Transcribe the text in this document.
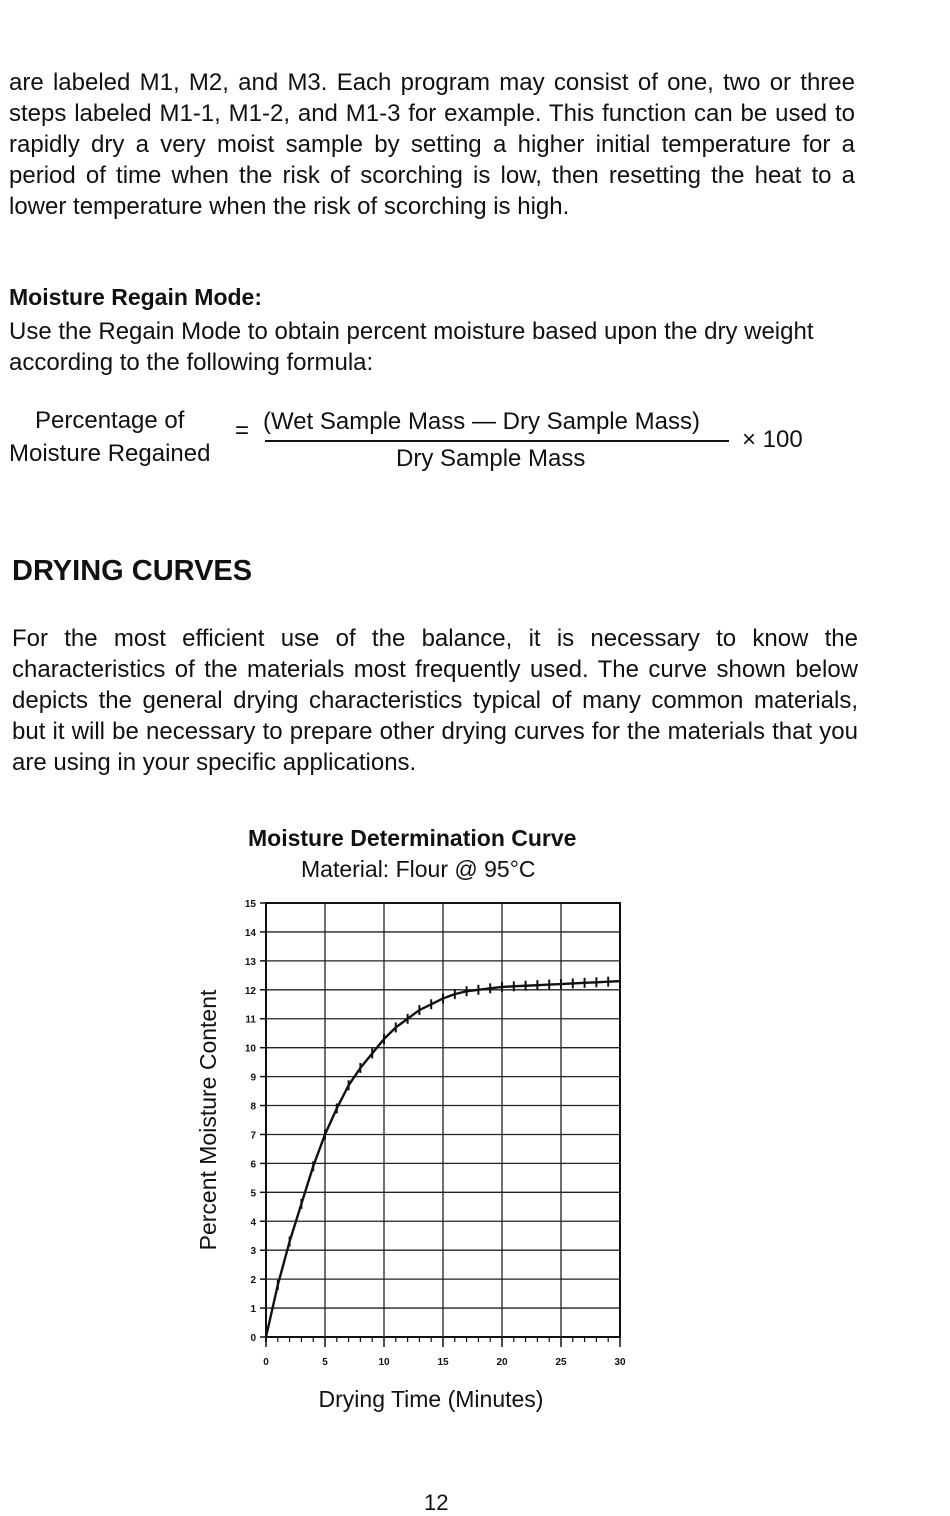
are labeled M1, M2, and M3. Each program may consist of one, two or three steps labeled M1-1, M1-2, and M1-3 for example. This function can be used to rapidly dry a very moist sample by setting a higher initial temperature for a period of time when the risk of scorching is low, then resetting the heat to a lower temperature when the risk of scorching is high.

Moisture Regain Mode:

Use the Regain Mode to obtain percent moisture based upon the dry weight according to the following formula:

Percentage of
Moisture Regained
= (Wet Sample Mass — Dry Sample Mass)
Dry Sample Mass
× 100
DRYING CURVES

For the most efficient use of the balance, it is necessary to know the characteristics of the materials most frequently used. The curve shown below depicts the general drying characteristics typical of many common materials, but it will be necessary to prepare other drying curves for the materials that you are using in your specific applications.

Moisture Determination Curve
Material: Flour @ 95°C
0
1
2
3
4
5
6
7
8
9
10
11
12
13
14
15
0	5	10	15	20	25	30
Drying Time (Minutes)
Percent Moisture Content
12
